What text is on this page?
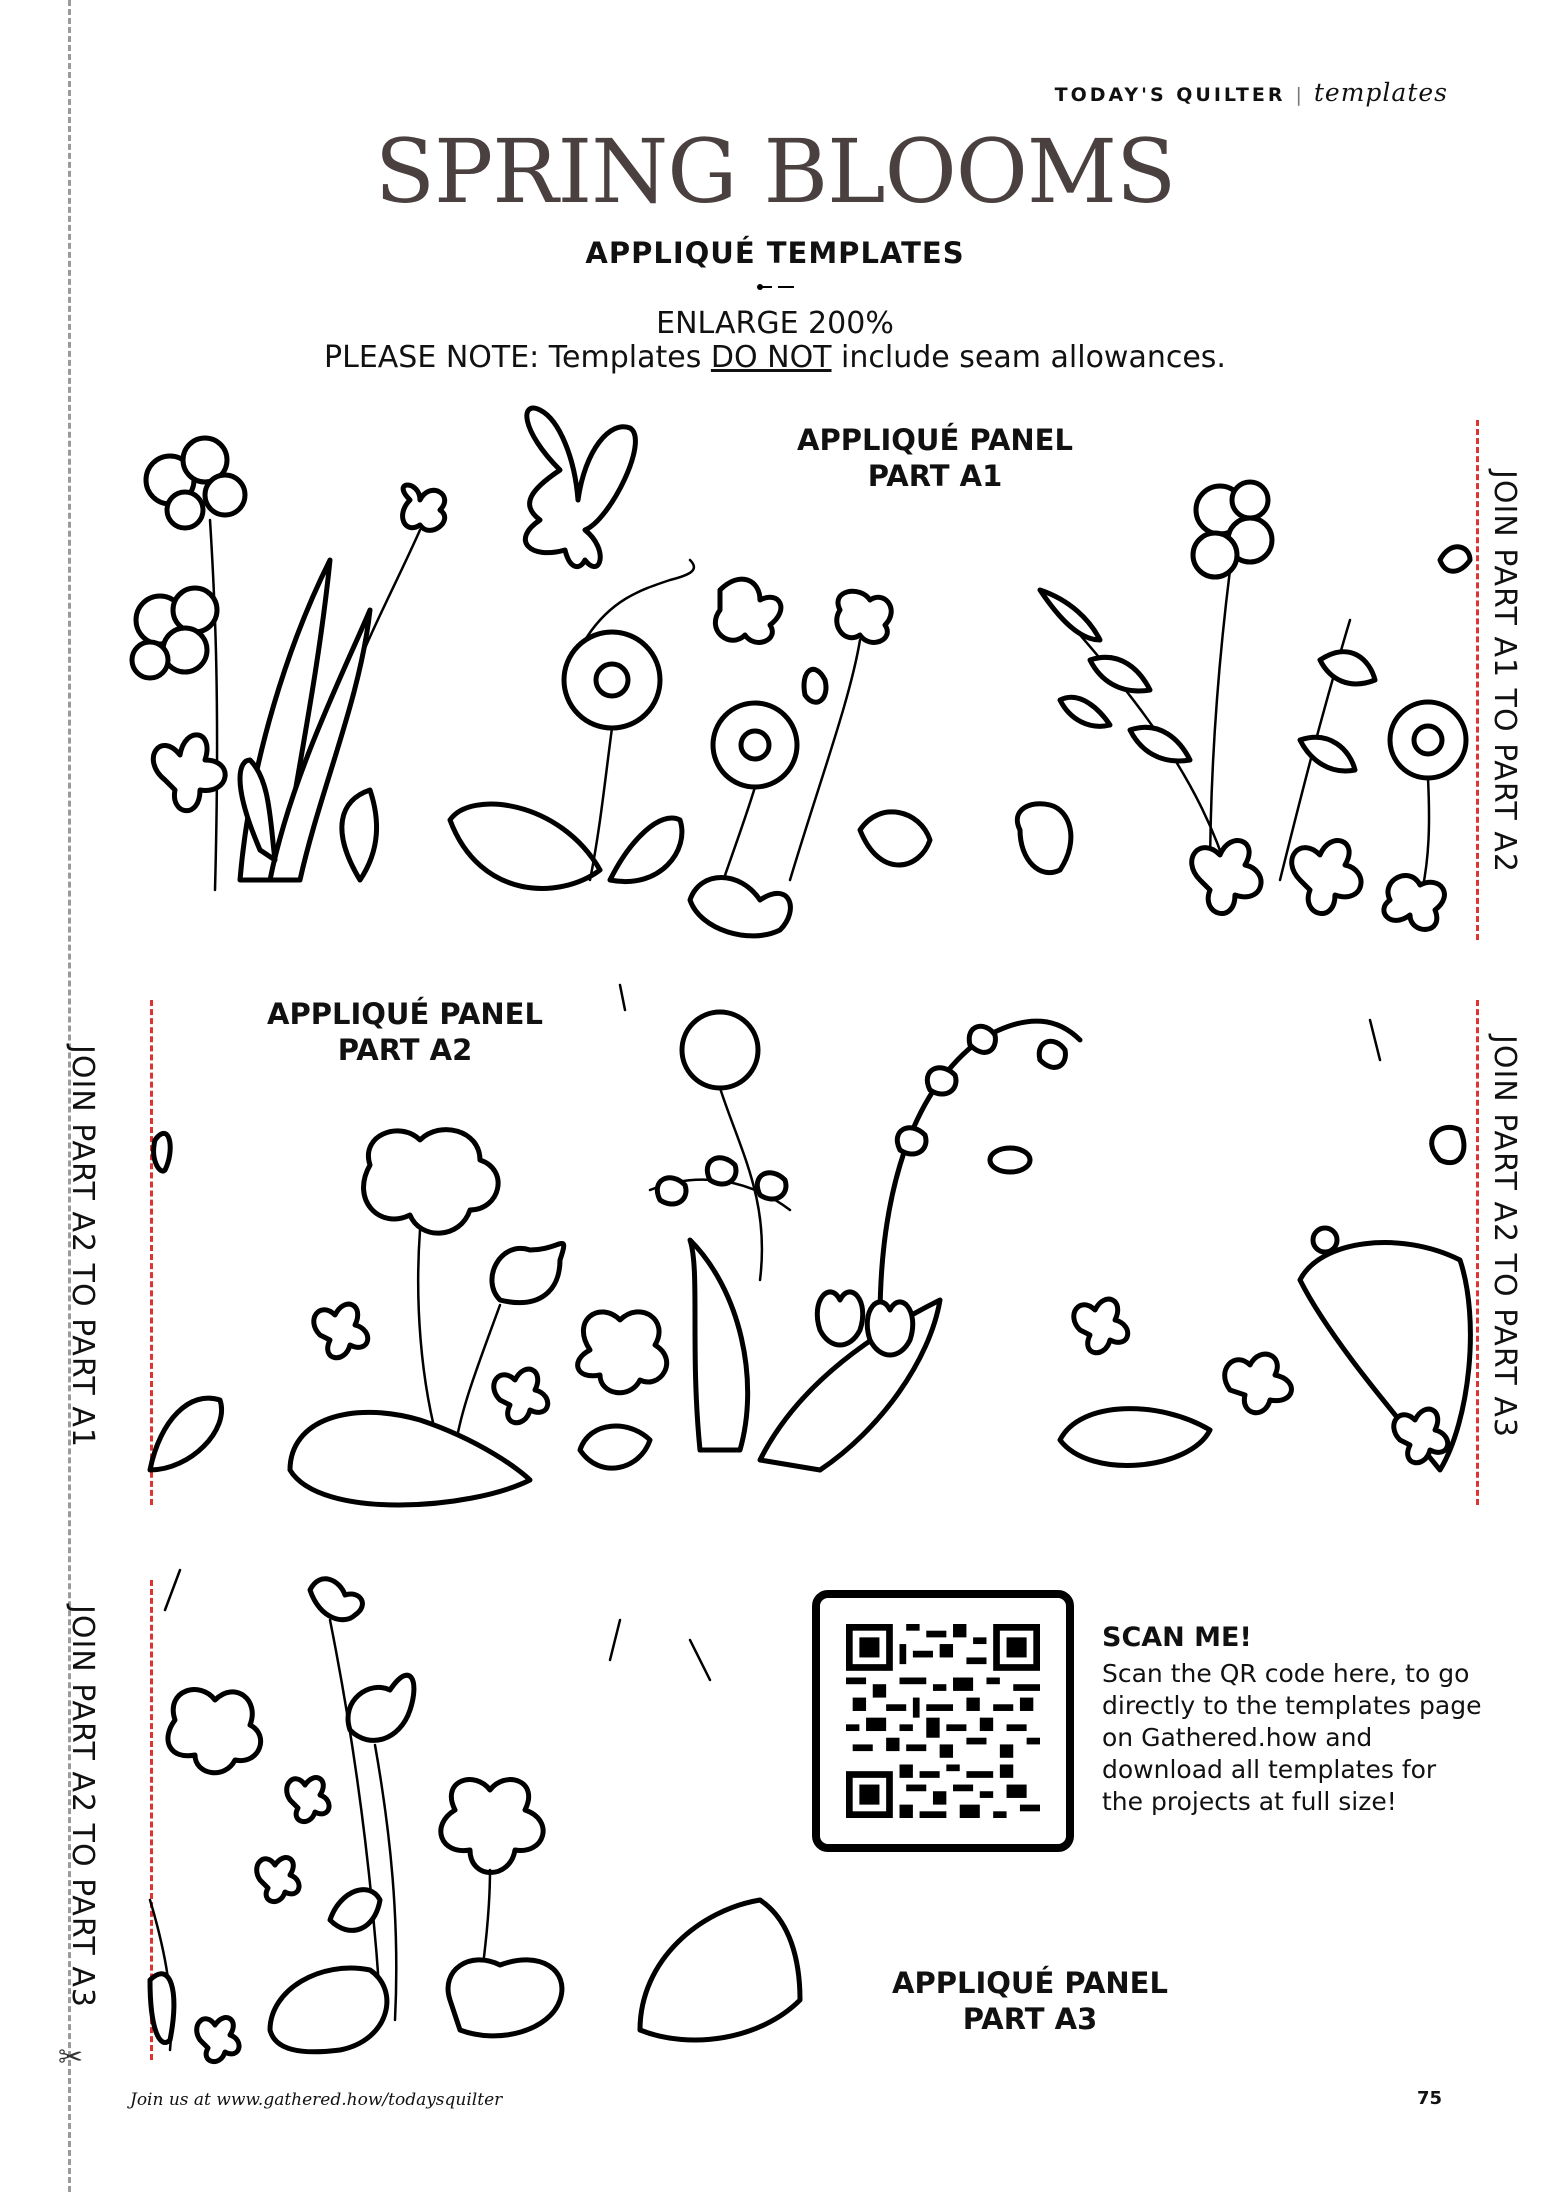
✂
TODAY'S QUILTER | templates
SPRING BLOOMS
APPLIQUÉ TEMPLATES
ENLARGE 200%
PLEASE NOTE: Templates DO NOT include seam allowances.
APPLIQUÉ PANEL
PART A1	JOIN PART A1 TO PART A2
APPLIQUÉ PANEL
PART A2
JOIN PART A2 TO PART A1	JOIN PART A2 TO PART A3
APPLIQUÉ PANEL
PART A3
JOIN PART A2 TO PART A3	SCAN ME!
Scan the QR code here, to go directly to the templates page on Gathered.how and download all templates for the projects at full size!
Join us at www.gathered.how/todaysquilter	75
